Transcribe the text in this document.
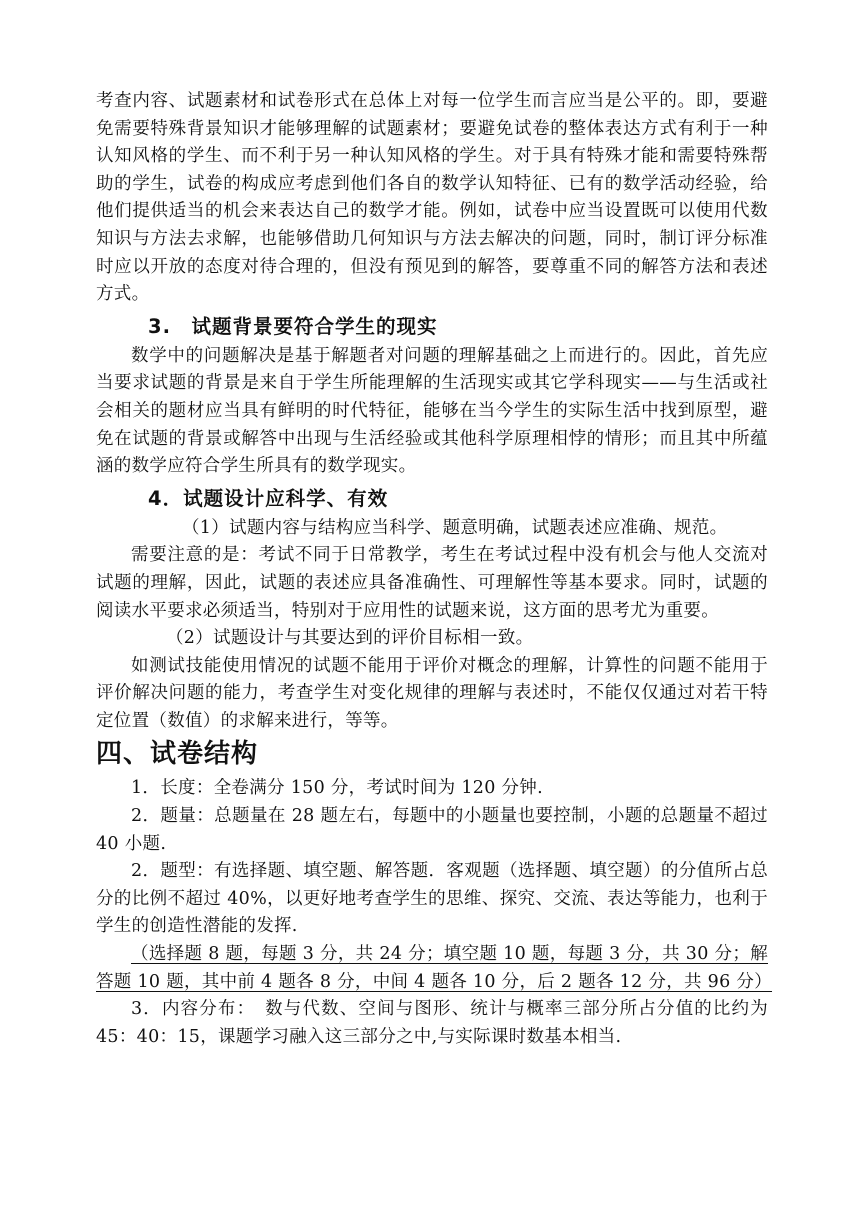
考查内容、试题素材和试卷形式在总体上对每一位学生而言应当是公平的。即，要避免需要特殊背景知识才能够理解的试题素材；要避免试卷的整体表达方式有利于一种认知风格的学生、而不利于另一种认知风格的学生。对于具有特殊才能和需要特殊帮助的学生，试卷的构成应考虑到他们各自的数学认知特征、已有的数学活动经验，给他们提供适当的机会来表达自己的数学才能。例如，试卷中应当设置既可以使用代数知识与方法去求解，也能够借助几何知识与方法去解决的问题，同时，制订评分标准时应以开放的态度对待合理的，但没有预见到的解答，要尊重不同的解答方法和表述方式。

3.　试题背景要符合学生的现实

数学中的问题解决是基于解题者对问题的理解基础之上而进行的。因此，首先应当要求试题的背景是来自于学生所能理解的生活现实或其它学科现实——与生活或社会相关的题材应当具有鲜明的时代特征，能够在当今学生的实际生活中找到原型，避免在试题的背景或解答中出现与生活经验或其他科学原理相悖的情形；而且其中所蕴涵的数学应符合学生所具有的数学现实。

4．试题设计应科学、有效

（1）试题内容与结构应当科学、题意明确，试题表述应准确、规范。

需要注意的是：考试不同于日常教学，考生在考试过程中没有机会与他人交流对试题的理解，因此，试题的表述应具备准确性、可理解性等基本要求。同时，试题的阅读水平要求必须适当，特别对于应用性的试题来说，这方面的思考尤为重要。

（2）试题设计与其要达到的评价目标相一致。

如测试技能使用情况的试题不能用于评价对概念的理解，计算性的问题不能用于评价解决问题的能力，考查学生对变化规律的理解与表述时，不能仅仅通过对若干特定位置（数值）的求解来进行，等等。

四、试卷结构

1．长度：全卷满分 150 分，考试时间为 120 分钟.

2．题量：总题量在 28 题左右，每题中的小题量也要控制，小题的总题量不超过 40 小题.

2．题型：有选择题、填空题、解答题．客观题（选择题、填空题）的分值所占总分的比例不超过 40%，以更好地考查学生的思维、探究、交流、表达等能力，也利于学生的创造性潜能的发挥.

（选择题 8 题，每题 3 分，共 24 分；填空题 10 题，每题 3 分，共 30 分；解答题 10 题，其中前 4 题各 8 分，中间 4 题各 10 分，后 2 题各 12 分，共 96 分）

3．内容分布：　数与代数、空间与图形、统计与概率三部分所占分值的比约为 45：40：15，课题学习融入这三部分之中,与实际课时数基本相当.
